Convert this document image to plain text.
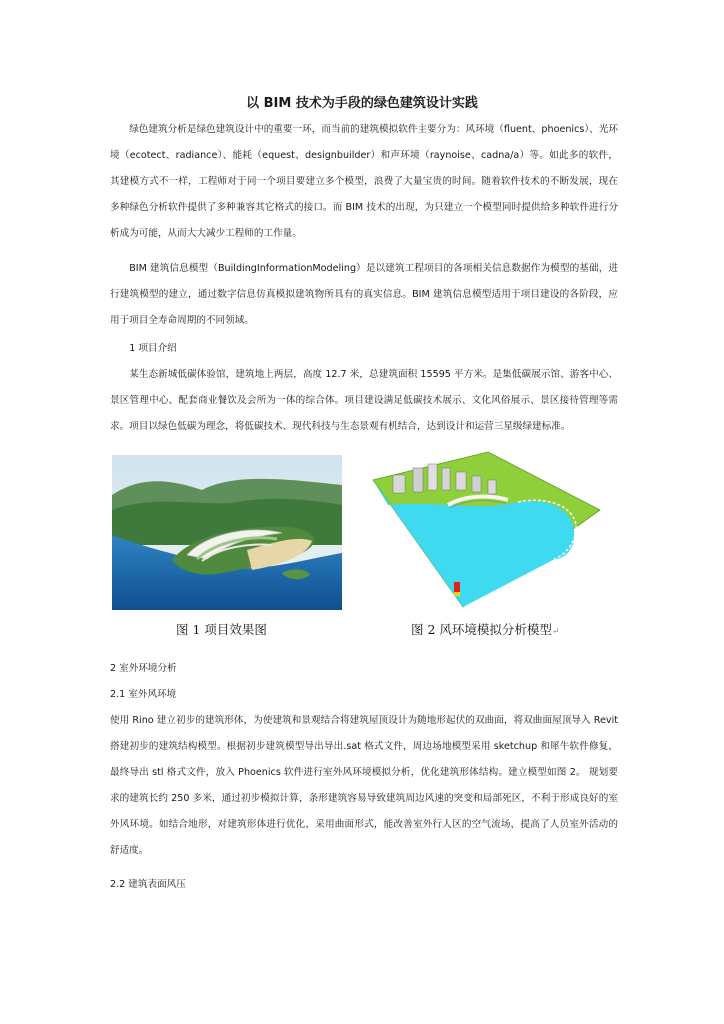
以 BIM 技术为手段的绿色建筑设计实践

绿色建筑分析是绿色建筑设计中的重要一环，而当前的建筑模拟软件主要分为：风环境（fluent、phoenics）、光环境（ecotect、radiance）、能耗（equest、designbuilder）和声环境（raynoise、cadna/a）等。如此多的软件，其建模方式不一样，工程师对于同一个项目要建立多个模型，浪费了大量宝贵的时间。随着软件技术的不断发展，现在多种绿色分析软件提供了多种兼容其它格式的接口。而 BIM 技术的出现，为只建立一个模型同时提供给多种软件进行分析成为可能，从而大大减少工程师的工作量。

BIM 建筑信息模型（BuildingInformationModeling）是以建筑工程项目的各项相关信息数据作为模型的基础，进行建筑模型的建立，通过数字信息仿真模拟建筑物所具有的真实信息。BIM 建筑信息模型适用于项目建设的各阶段，应用于项目全寿命周期的不同领域。

1 项目介绍

某生态新城低碳体验馆，建筑地上两层，高度 12.7 米，总建筑面积 15595 平方米。是集低碳展示馆、游客中心、景区管理中心、配套商业餐饮及会所为一体的综合体。项目建设满足低碳技术展示、文化风俗展示、景区接待管理等需求。项目以绿色低碳为理念，将低碳技术、现代科技与生态景观有机结合，达到设计和运营三星级绿建标准。

图 1 项目效果图	图 2 风环境模拟分析模型↵

2 室外环境分析

2.1 室外风环境

使用 Rino 建立初步的建筑形体，为使建筑和景观结合将建筑屋顶设计为随地形起伏的双曲面，将双曲面屋顶导入 Revit 搭建初步的建筑结构模型。根据初步建筑模型导出导出.sat 格式文件，周边场地模型采用 sketchup 和犀牛软件修复，最终导出 stl 格式文件，放入 Phoenics 软件进行室外风环境模拟分析，优化建筑形体结构。建立模型如图 2。 规划要求的建筑长约 250 多米，通过初步模拟计算，条形建筑容易导致建筑周边风速的突变和局部死区，不利于形成良好的室外风环境。如结合地形，对建筑形体进行优化，采用曲面形式，能改善室外行人区的空气流场，提高了人员室外活动的舒适度。

2.2 建筑表面风压
